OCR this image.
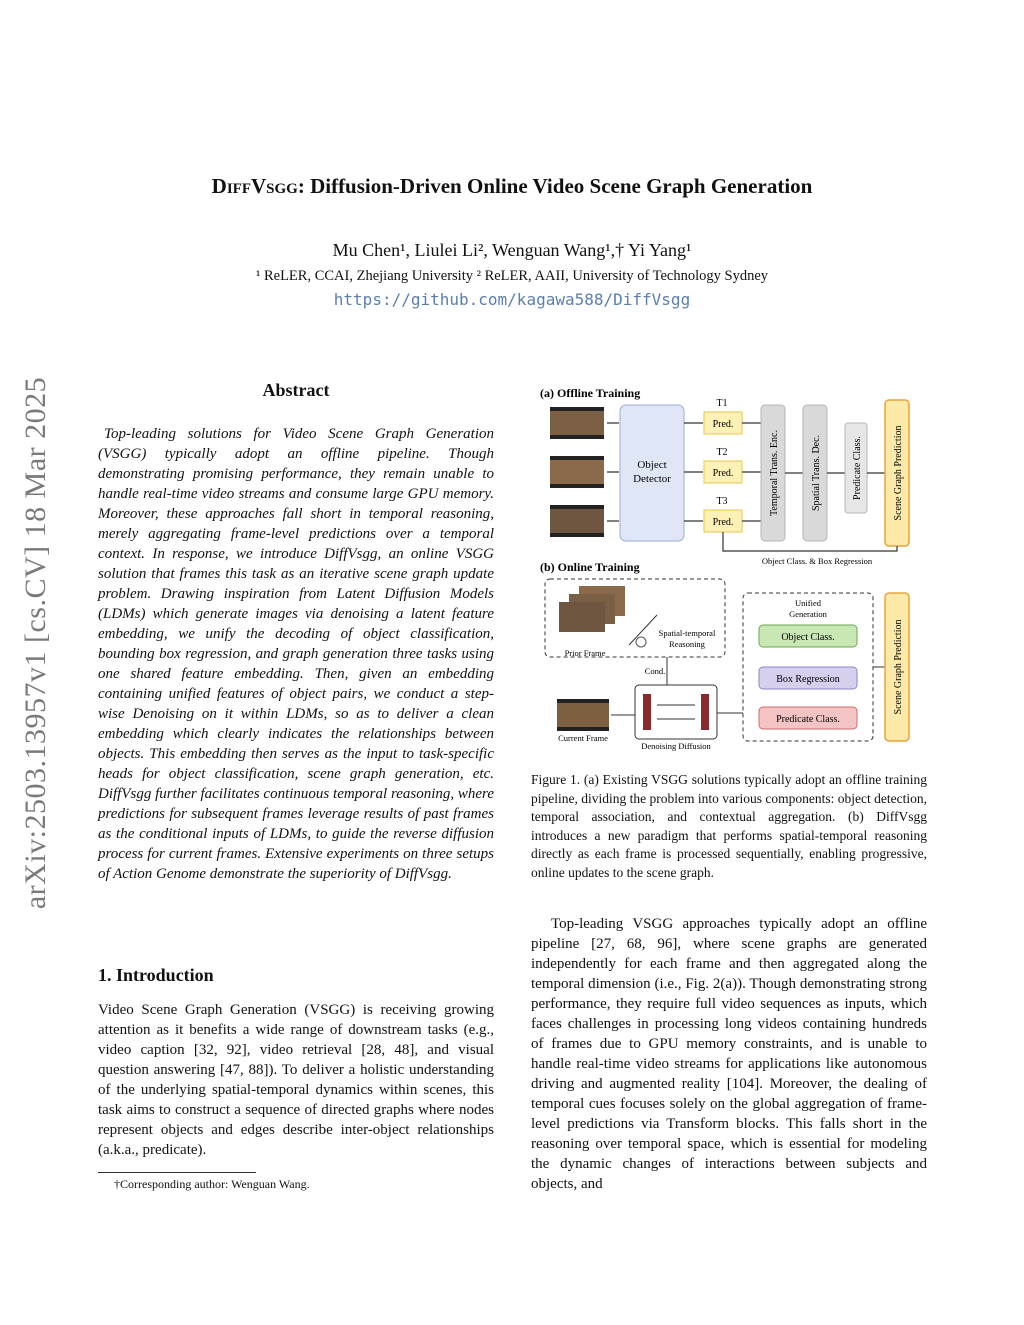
arXiv:2503.13957v1 [cs.CV] 18 Mar 2025
DiffVsgg: Diffusion-Driven Online Video Scene Graph Generation
Mu Chen¹, Liulei Li², Wenguan Wang¹,† Yi Yang¹
¹ ReLER, CCAI, Zhejiang University ² ReLER, AAII, University of Technology Sydney
https://github.com/kagawa588/DiffVsgg
Abstract
Top-leading solutions for Video Scene Graph Generation (VSGG) typically adopt an offline pipeline. Though demonstrating promising performance, they remain unable to handle real-time video streams and consume large GPU memory. Moreover, these approaches fall short in temporal reasoning, merely aggregating frame-level predictions over a temporal context. In response, we introduce DiffVsgg, an online VSGG solution that frames this task as an iterative scene graph update problem. Drawing inspiration from Latent Diffusion Models (LDMs) which generate images via denoising a latent feature embedding, we unify the decoding of object classification, bounding box regression, and graph generation three tasks using one shared feature embedding. Then, given an embedding containing unified features of object pairs, we conduct a step-wise Denoising on it within LDMs, so as to deliver a clean embedding which clearly indicates the relationships between objects. This embedding then serves as the input to task-specific heads for object classification, scene graph generation, etc. DiffVsgg further facilitates continuous temporal reasoning, where predictions for subsequent frames leverage results of past frames as the conditional inputs of LDMs, to guide the reverse diffusion process for current frames. Extensive experiments on three setups of Action Genome demonstrate the superiority of DiffVsgg.
1. Introduction
Video Scene Graph Generation (VSGG) is receiving growing attention as it benefits a wide range of downstream tasks (e.g., video caption [32, 92], video retrieval [28, 48], and visual question answering [47, 88]). To deliver a holistic understanding of the underlying spatial-temporal dynamics within scenes, this task aims to construct a sequence of directed graphs where nodes represent objects and edges describe inter-object relationships (a.k.a., predicate).
†Corresponding author: Wenguan Wang.
(a) Offline Training
Object
Detector
T1
T2
T3
Pred.
Pred.
Pred.
Temporal Trans. Enc.	Spatial Trans. Dec.	Predicate Class.	Scene Graph Prediction
Object Class. & Box Regression
(b) Online Training
Prior Frame
Spatial-temporal
Reasoning
Cond.
Current Frame
Denoising Diffusion
Unified
Generation
Object Class.
Box Regression
Predicate Class.
Scene Graph Prediction
Figure 1. (a) Existing VSGG solutions typically adopt an offline training pipeline, dividing the problem into various components: object detection, temporal association, and contextual aggregation. (b) DiffVsgg introduces a new paradigm that performs spatial-temporal reasoning directly as each frame is processed sequentially, enabling progressive, online updates to the scene graph.
Top-leading VSGG approaches typically adopt an offline pipeline [27, 68, 96], where scene graphs are generated independently for each frame and then aggregated along the temporal dimension (i.e., Fig. 2(a)). Though demonstrating strong performance, they require full video sequences as inputs, which faces challenges in processing long videos containing hundreds of frames due to GPU memory constraints, and is unable to handle real-time video streams for applications like autonomous driving and augmented reality [104]. Moreover, the dealing of temporal cues focuses solely on the global aggregation of frame-level predictions via Transform blocks. This falls short in the reasoning over temporal space, which is essential for modeling the dynamic changes of interactions between subjects and objects, and
